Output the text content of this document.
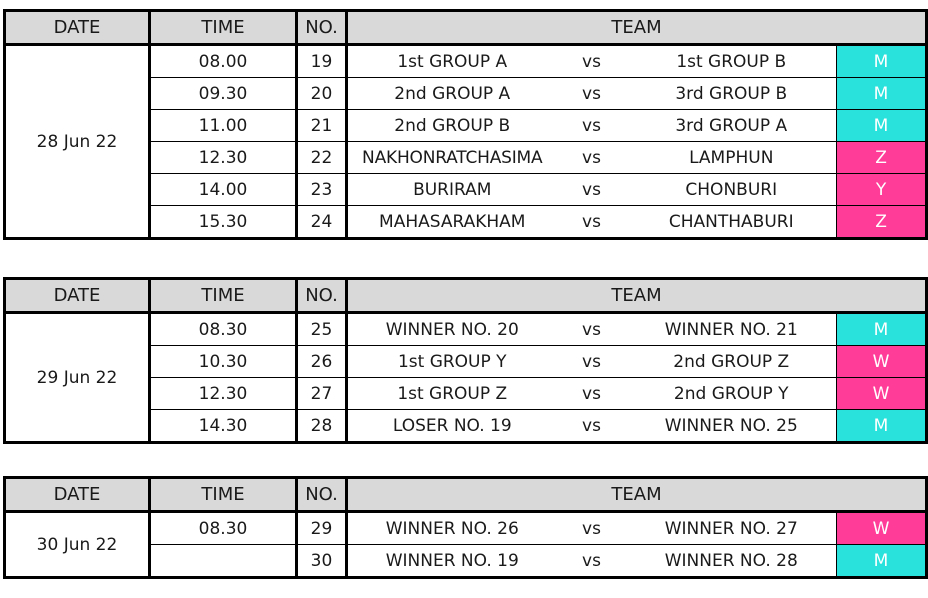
DATE	TIME	NO.	TEAM			
28 Jun 22	08.00	19	1st GROUP A	vs	1st GROUP B	M
	09.30	20	2nd GROUP A	vs	3rd GROUP B	M
	11.00	21	2nd GROUP B	vs	3rd GROUP A	M
	12.30	22	NAKHONRATCHASIMA	vs	LAMPHUN	Z
	14.00	23	BURIRAM	vs	CHONBURI	Y
	15.30	24	MAHASARAKHAM	vs	CHANTHABURI	Z
DATE	TIME	NO.	TEAM			
29 Jun 22	08.30	25	WINNER NO. 20	vs	WINNER NO. 21	M
	10.30	26	1st GROUP Y	vs	2nd GROUP Z	W
	12.30	27	1st GROUP Z	vs	2nd GROUP Y	W
	14.30	28	LOSER NO. 19	vs	WINNER NO. 25	M
DATE	TIME	NO.	TEAM			
30 Jun 22	08.30	29	WINNER NO. 26	vs	WINNER NO. 27	W
		30	WINNER NO. 19	vs	WINNER NO. 28	M
